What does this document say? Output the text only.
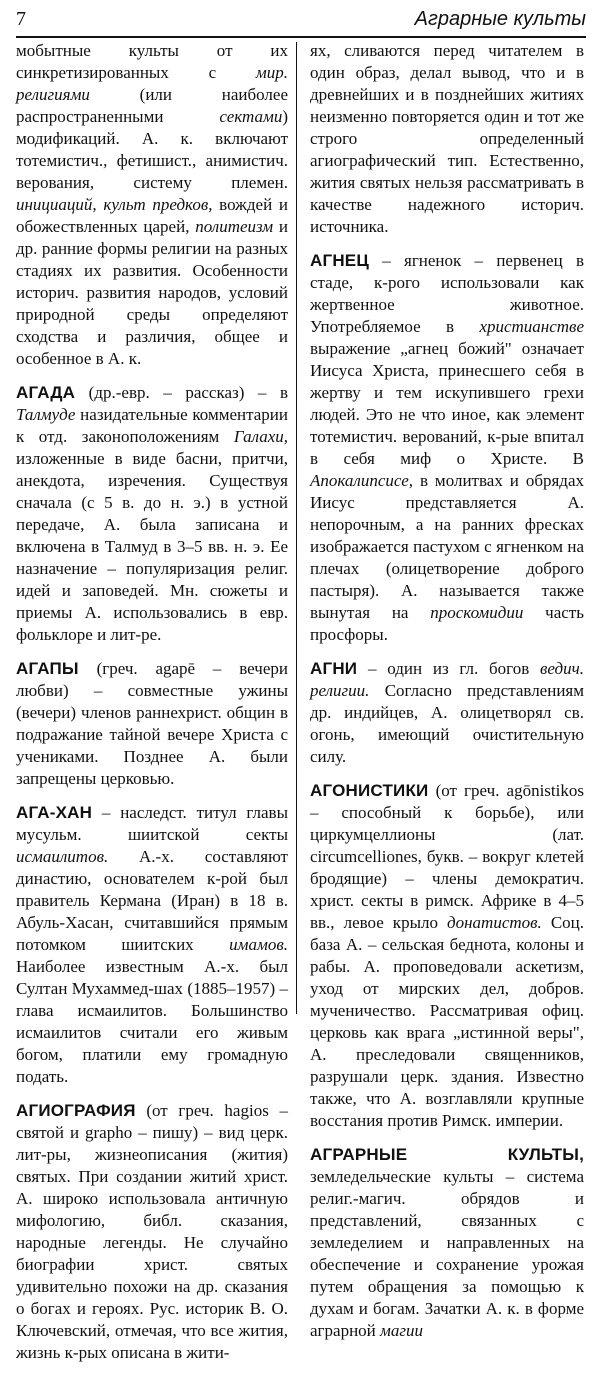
7	Аграрные культы
мобытные культы от их синкретизированных с мир. религиями (или наиболее распространенными сектами) модификаций. А. к. включают тотемистич., фетишист., анимистич. верования, систему племен. инициаций, культ предков, вождей и обожествленных царей, политеизм и др. ранние формы религии на разных стадиях их развития. Особенности историч. развития народов, условий природной среды определяют сходства и различия, общее и особенное в А. к.
АГАДА (др.-евр. – рассказ) – в Талмуде назидательные комментарии к отд. законоположениям Галахи, изложенные в виде басни, притчи, анекдота, изречения. Существуя сначала (с 5 в. до н. э.) в устной передаче, А. была записана и включена в Талмуд в 3–5 вв. н. э. Ее назначение – популяризация религ. идей и заповедей. Мн. сюжеты и приемы А. использовались в евр. фольклоре и лит-ре.
АГАПЫ (греч. agapē – вечери любви) – совместные ужины (вечери) членов раннехрист. общин в подражание тайной вечере Христа с учениками. Позднее А. были запрещены церковью.
АГА-ХАН – наследст. титул главы мусульм. шиитской секты исмаилитов. А.-х. составляют династию, основателем к-рой был правитель Кермана (Иран) в 18 в. Абуль-Хасан, считавшийся прямым потомком шиитских имамов. Наиболее известным А.-х. был Султан Мухаммед-шах (1885–1957) – глава исмаилитов. Большинство исмаилитов считали его живым богом, платили ему громадную подать.
АГИОГРАФИЯ (от греч. hagios – святой и grapho – пишу) – вид церк. лит-ры, жизнеописания (жития) святых. При создании житий христ. А. широко использовала античную мифологию, библ. сказания, народные легенды. Не случайно биографии христ. святых удивительно похожи на др. сказания о богах и героях. Рус. историк В. О. Ключевский, отмечая, что все жития, жизнь к-рых описана в жити-
ях, сливаются перед читателем в один образ, делал вывод, что и в древнейших и в позднейших житиях неизменно повторяется один и тот же строго определенный агиографический тип. Естественно, жития святых нельзя рассматривать в качестве надежного историч. источника.
АГНЕЦ – ягненок – первенец в стаде, к-рого использовали как жертвенное животное. Употребляемое в христианстве выражение „агнец божий" означает Иисуса Христа, принесшего себя в жертву и тем искупившего грехи людей. Это не что иное, как элемент тотемистич. верований, к-рые впитал в себя миф о Христе. В Апокалипсисе, в молитвах и обрядах Иисус представляется А. непорочным, а на ранних фресках изображается пастухом с ягненком на плечах (олицетворение доброго пастыря). А. называется также вынутая на проскомидии часть просфоры.
АГНИ – один из гл. богов ведич. религии. Согласно представлениям др. индийцев, А. олицетворял св. огонь, имеющий очистительную силу.
АГОНИСТИКИ (от греч. agōnistikos – способный к борьбе), или циркумцеллионы (лат. circumcelliones, букв. – вокруг клетей бродящие) – члены демократич. христ. секты в римск. Африке в 4–5 вв., левое крыло донатистов. Соц. база А. – сельская беднота, колоны и рабы. А. проповедовали аскетизм, уход от мирских дел, добров. мученичество. Рассматривая офиц. церковь как врага „истинной веры", А. преследовали священников, разрушали церк. здания. Известно также, что А. возглавляли крупные восстания против Римск. империи.
АГРАРНЫЕ КУЛЬТЫ, земледельческие культы – система религ.-магич. обрядов и представлений, связанных с земледелием и направленных на обеспечение и сохранение урожая путем обращения за помощью к духам и богам. Зачатки А. к. в форме аграрной магии
